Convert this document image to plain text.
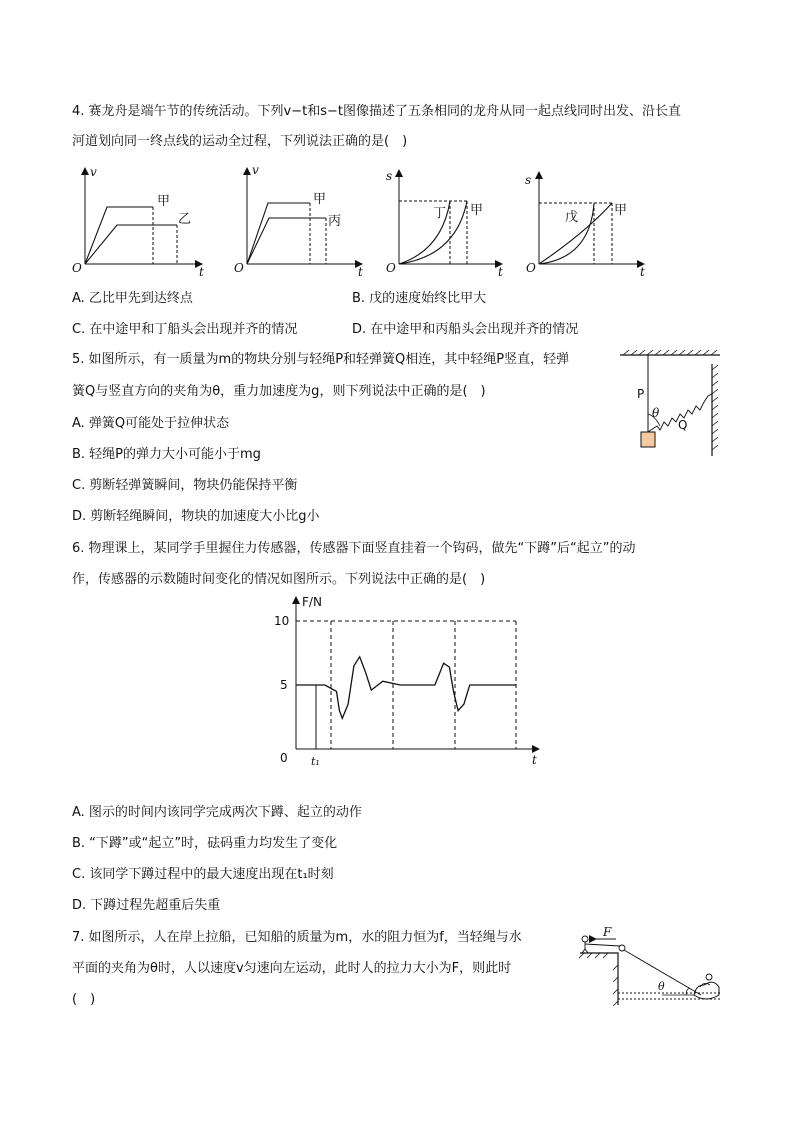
4. 赛龙舟是端午节的传统活动。下列v−t和s−t图像描述了五条相同的龙舟从同一起点线同时出发、沿长直
河道划向同一终点线的运动全过程，下列说法正确的是(　)
v
t
O
甲
乙
v
t
O
甲
丙
s
t
O
丁 甲
s
t
O
戊	甲
A. 乙比甲先到达终点	B. 戊的速度始终比甲大
C. 在中途甲和丁船头会出现并齐的情况	D. 在中途甲和丙船头会出现并齐的情况
5. 如图所示，有一质量为m的物块分别与轻绳P和轻弹簧Q相连，其中轻绳P竖直，轻弹
簧Q与竖直方向的夹角为θ，重力加速度为g，则下列说法中正确的是(　)	P
θ
Q
A. 弹簧Q可能处于拉伸状态
B. 轻绳P的弹力大小可能小于mg
C. 剪断轻弹簧瞬间，物块仍能保持平衡
D. 剪断轻绳瞬间，物块的加速度大小比g小
6. 物理课上，某同学手里握住力传感器，传感器下面竖直挂着一个钩码，做先“下蹲”后“起立”的动
作，传感器的示数随时间变化的情况如图所示。下列说法中正确的是(　)
F/N
t
10
5
0 t₁
A. 图示的时间内该同学完成两次下蹲、起立的动作
B. “下蹲”或“起立”时，砝码重力均发生了变化
C. 该同学下蹲过程中的最大速度出现在t₁时刻
D. 下蹲过程先超重后失重
7. 如图所示，人在岸上拉船，已知船的质量为m，水的阻力恒为f，当轻绳与水
平面的夹角为θ时，人以速度v匀速向左运动，此时人的拉力大小为F，则此时
(　)
F
θ
